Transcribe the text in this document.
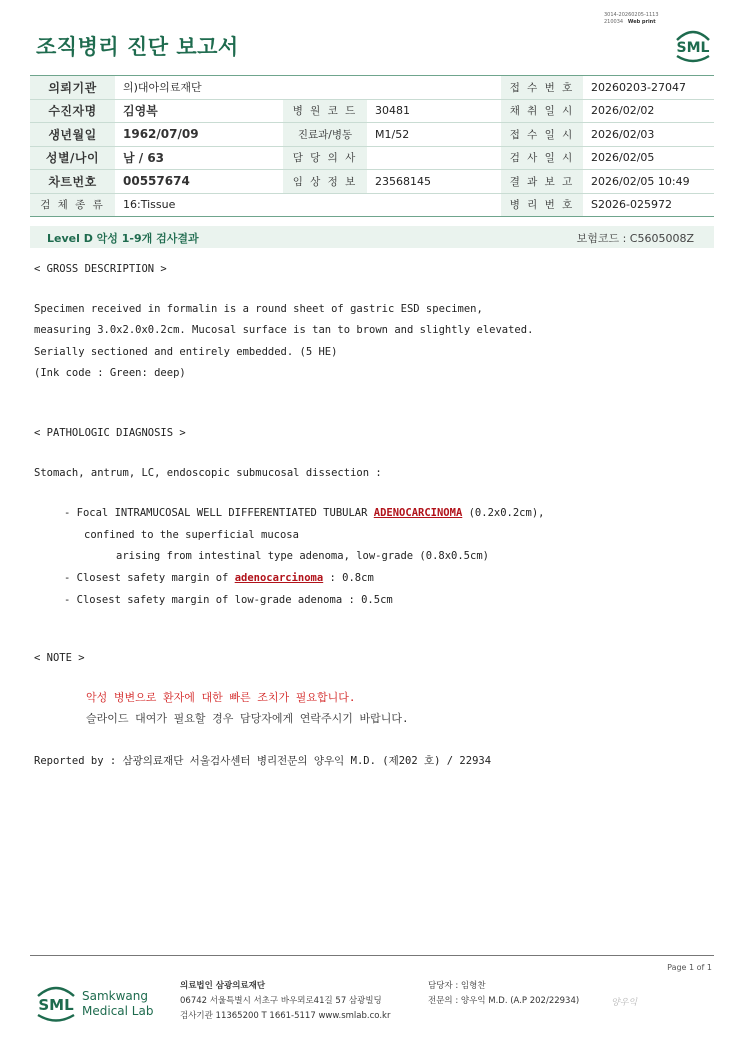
조직병리 진단 보고서
3014-20260205-1113
210034 Web print
SML
의뢰기관	의)대아의료재단			접 수 번 호	20260203-27047
수진자명	김영복	병 원 코 드	30481	채 취 일 시	2026/02/02
생년월일	1962/07/09	진료과/병동	M1/52	접 수 일 시	2026/02/03
성별/나이	남 / 63	담 당 의 사		검 사 일 시	2026/02/05
차트번호	00557674	임 상 정 보	23568145	결 과 보 고	2026/02/05 10:49
검 체 종 류	16:Tissue			병 리 번 호	S2026-025972
Level D 악성 1-9개 검사결과	보험코드 : C5605008Z
< GROSS DESCRIPTION >
Specimen received in formalin is a round sheet of gastric ESD specimen,
measuring 3.0x2.0x0.2cm. Mucosal surface is tan to brown and slightly elevated.
Serially sectioned and entirely embedded. (5 HE)
(Ink code : Green: deep)
< PATHOLOGIC DIAGNOSIS >
Stomach, antrum, LC, endoscopic submucosal dissection :
- Focal INTRAMUCOSAL WELL DIFFERENTIATED TUBULAR ADENOCARCINOMA (0.2x0.2cm),
confined to the superficial mucosa
arising from intestinal type adenoma, low-grade (0.8x0.5cm)
- Closest safety margin of adenocarcinoma : 0.8cm
- Closest safety margin of low-grade adenoma : 0.5cm
< NOTE >
악성 병변으로 환자에 대한 빠른 조치가 필요합니다.
슬라이드 대여가 필요할 경우 담당자에게 연락주시기 바랍니다.
Reported by : 삼광의료재단 서울검사센터 병리전문의 양우익 M.D. (제202 호) / 22934
Page 1 of 1
SML Samkwang
Medical Lab
의료법인 삼광의료재단
06742 서울특별시 서초구 바우뫼로41길 57 삼광빌딩
검사기관 11365200 T 1661-5117 www.smlab.co.kr
담당자 : 임형찬
전문의 : 양우익 M.D. (A.P 202/22934)	양우익
